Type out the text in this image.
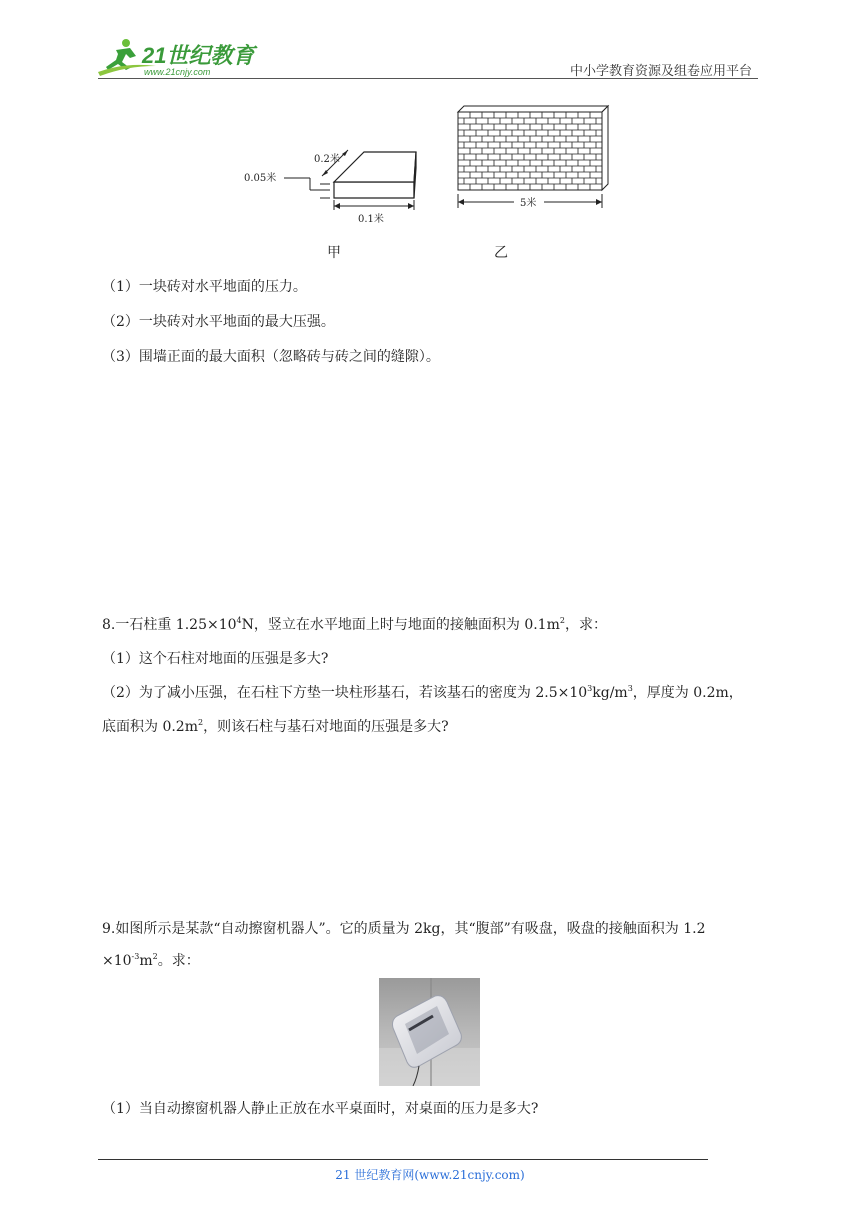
21世纪教育
www.21cnjy.com	中小学教育资源及组卷应用平台
0.2米
0.05米
0.1米
5米
甲	乙
（1）一块砖对水平地面的压力。
（2）一块砖对水平地面的最大压强。
（3）围墙正面的最大面积（忽略砖与砖之间的缝隙）。
8.一石柱重 $1.25\times 10^4N$，竖立在水平地面上时与地面的接触面积为 $0.1m^2$，求：
（1）这个石柱对地面的压强是多大?
（2）为了减小压强，在石柱下方垫一块柱形基石，若该基石的密度为 $2.5\times 10^3kg/m^3$，厚度为 0.2m，
底面积为 $0.2m^2$，则该石柱与基石对地面的压强是多大?
9.如图所示是某款“自动擦窗机器人”。它的质量为 2kg，其“腹部”有吸盘，吸盘的接触面积为 1.2
$\times 10^{-3}m^2$。求：
（1）当自动擦窗机器人静止正放在水平桌面时，对桌面的压力是多大?
21 世纪教育网(www.21cnjy.com)
